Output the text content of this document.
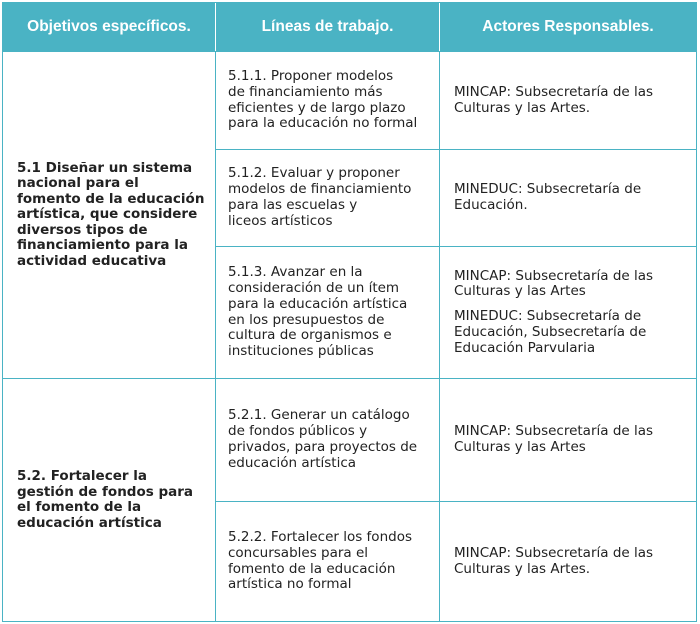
Objetivos específicos.	Líneas de trabajo.	Actores Responsables.
5.1 Diseñar un sistema nacional para el fomento de la educación artística, que considere diversos tipos de financiamiento para la actividad educativa
5.1.1. Proponer modelos
de financiamiento más
eficientes y de largo plazo
para la educación no formal
MINCAP: Subsecretaría de las Culturas y las Artes.
5.1.2. Evaluar y proponer
modelos de financiamiento
para las escuelas y
liceos artísticos
MINEDUC: Subsecretaría de Educación.
5.1.3. Avanzar en la
consideración de un ítem
para la educación artística
en los presupuestos de
cultura de organismos e
instituciones públicas
MINCAP: Subsecretaría de las Culturas y las Artes
MINEDUC: Subsecretaría de Educación, Subsecretaría de Educación Parvularia
5.2. Fortalecer la gestión de fondos para el fomento de la educación artística
5.2.1. Generar un catálogo
de fondos públicos y
privados, para proyectos de
educación artística
MINCAP: Subsecretaría de las Culturas y las Artes
5.2.2. Fortalecer los fondos
concursables para el
fomento de la educación
artística no formal
MINCAP: Subsecretaría de las Culturas y las Artes.
